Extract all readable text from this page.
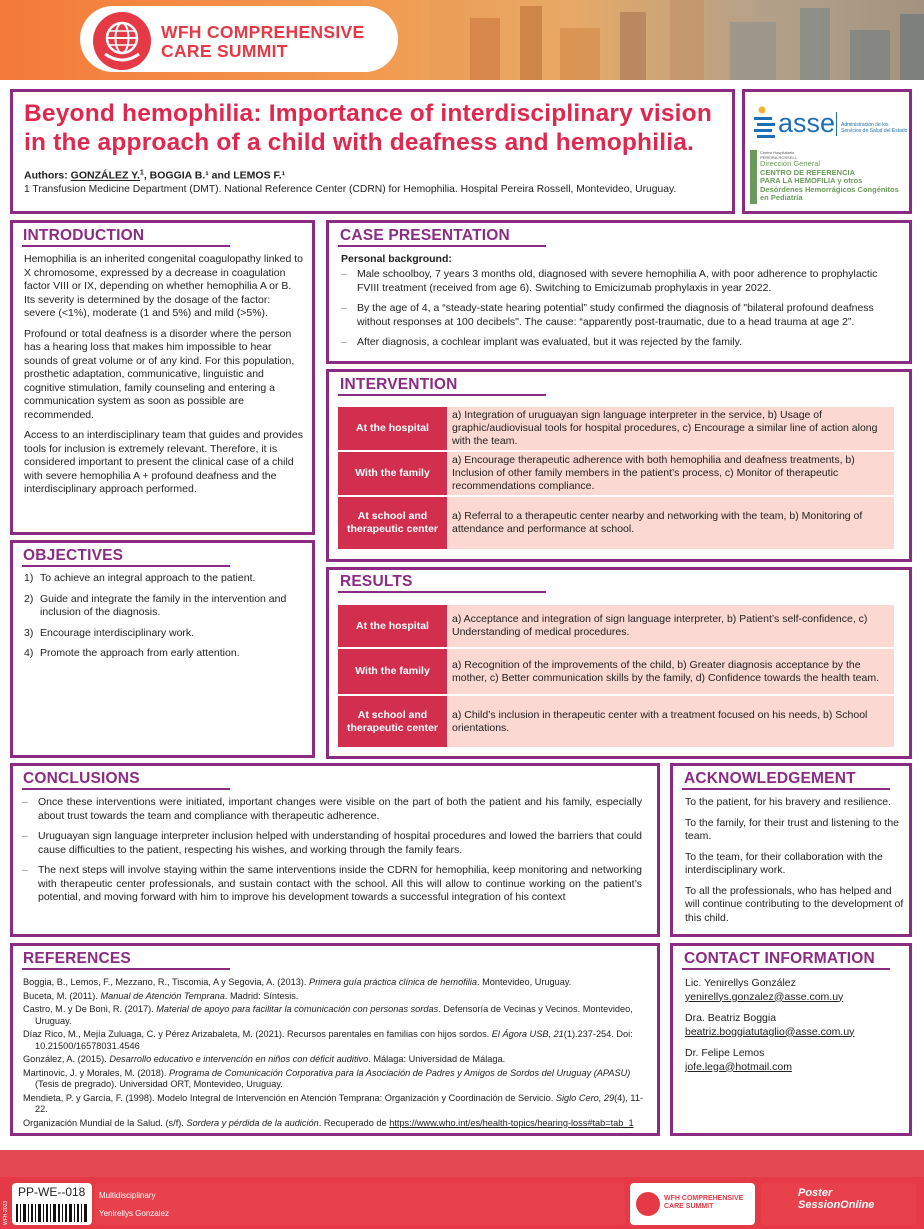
WFH COMPREHENSIVE
CARE SUMMIT
Beyond hemophilia: Importance of interdisciplinary vision
in the approach of a child with deafness and hemophilia.
Authors: GONZÁLEZ Y.$^1$, BOGGIA B.¹ and LEMOS F.¹
1 Transfusion Medicine Department (DMT). National Reference Center (CDRN) for Hemophilia. Hospital Pereira Rossell, Montevideo, Uruguay.
asse Administración de los
Servicios de Salud del Estado
Centro Hospitalario
PEREIRA ROSSELL
Dirección General
CENTRO DE REFERENCIA
PARA LA HEMOFILIA y otros
Desórdenes Hemorrágicos Congénitos
en Pediatría
INTRODUCTION

Hemophilia is an inherited congenital coagulopathy linked to X chromosome, expressed by a decrease in coagulation factor VIII or IX, depending on whether hemophilia A or B. Its severity is determined by the dosage of the factor: severe (<1%), moderate (1 and 5%) and mild (>5%).

Profound or total deafness is a disorder where the person has a hearing loss that makes him impossible to hear sounds of great volume or of any kind. For this population, prosthetic adaptation, communicative, linguistic and cognitive stimulation, family counseling and entering a communication system as soon as possible are recommended.

Access to an interdisciplinary team that guides and provides tools for inclusion is extremely relevant. Therefore, it is considered important to present the clinical case of a child with severe hemophilia A + profound deafness and the interdisciplinary approach performed.

OBJECTIVES
1) To achieve an integral approach to the patient.
2) Guide and integrate the family in the intervention and inclusion of the diagnosis.
3) Encourage interdisciplinary work.
4) Promote the approach from early attention.
CASE PRESENTATION
Personal background:
– Male schoolboy, 7 years 3 months old, diagnosed with severe hemophilia A, with poor adherence to prophylactic FVIII treatment (received from age 6). Switching to Emicizumab prophylaxis in year 2022.
– By the age of 4, a “steady-state hearing potential” study confirmed the diagnosis of "bilateral profound deafness without responses at 100 decibels". The cause: “apparently post-traumatic, due to a head trauma at age 2”.
– After diagnosis, a cochlear implant was evaluated, but it was rejected by the family.
INTERVENTION
At the hospital
a) Integration of uruguayan sign language interpreter in the service, b) Usage of graphic/audiovisual tools for hospital procedures, c) Encourage a similar line of action along with the team.
With the family
a) Encourage therapeutic adherence with both hemophilia and deafness treatments, b) Inclusion of other family members in the patient’s process, c) Monitor of therapeutic recommendations compliance.
At school and therapeutic center
a) Referral to a therapeutic center nearby and networking with the team, b) Monitoring of attendance and performance at school.
RESULTS
At the hospital
a) Acceptance and integration of sign language interpreter, b) Patient’s self-confidence, c) Understanding of medical procedures.
With the family
a) Recognition of the improvements of the child, b) Greater diagnosis acceptance by the mother, c) Better communication skills by the family, d) Confidence towards the health team.
At school and therapeutic center
a) Child’s inclusion in therapeutic center with a treatment focused on his needs, b) School orientations.
CONCLUSIONS
– Once these interventions were initiated, important changes were visible on the part of both the patient and his family, especially about trust towards the team and compliance with therapeutic adherence.
– Uruguayan sign language interpreter inclusion helped with understanding of hospital procedures and lowed the barriers that could cause difficulties to the patient, respecting his wishes, and working through the family fears.
– The next steps will involve staying within the same interventions inside the CDRN for hemophilia, keep monitoring and networking with therapeutic center professionals, and sustain contact with the school. All this will allow to continue working on the patient’s potential, and moving forward with him to improve his development towards a successful integration of his context
ACKNOWLEDGEMENT

To the patient, for his bravery and resilience.

To the family, for their trust and listening to the team.

To the team, for their collaboration with the interdisciplinary work.

To all the professionals, who has helped and will continue contributing to the development of this child.

REFERENCES
Boggia, B., Lemos, F., Mezzano, R., Tiscomia, A y Segovia, A. (2013). Primera guía práctica clínica de hemofilia. Montevideo, Uruguay.
Buceta, M. (2011). Manual de Atención Temprana. Madrid: Síntesis.
Castro, M. y De Boni, R. (2017). Material de apoyo para facilitar la comunicación con personas sordas. Defensoría de Vecinas y Vecinos. Montevideo, Uruguay.
Díaz Rico, M., Mejía Zuluaga, C. y Pérez Arizabaleta, M. (2021). Recursos parentales en familias con hijos sordos. El Ágora USB, 21(1).237-254. Doi: 10.21500/16578031.4546
González, A. (2015). Desarrollo educativo e intervención en niños con déficit auditivo. Málaga: Universidad de Málaga.
Martinovic, J. y Morales, M. (2018). Programa de Comunicación Corporativa para la Asociación de Padres y Amigos de Sordos del Uruguay (APASU) (Tesis de pregrado). Universidad ORT, Montevideo, Uruguay.
Mendieta, P. y García, F. (1998). Modelo Integral de Intervención en Atención Temprana: Organización y Coordinación de Servicio. Siglo Cero, 29(4), 11-22.
Organización Mundial de la Salud. (s/f). Sordera y pérdida de la audición. Recuperado de https://www.who.int/es/health-topics/hearing-loss#tab=tab_1
CONTACT INFORMATION
Lic. Yenirellys González
yenirellys.gonzalez@asse.com.uy
Dra. Beatriz Boggia
beatriz.boggiatutaglio@asse.com.uy
Dr. Felipe Lemos
jofe.lega@hotmail.com
WFH-2023
PP-WE--018 Multidisciplinary
Yenirellys Gonzalez
WFH COMPREHENSIVE
CARE SUMMIT
Poster
SessionOnline
